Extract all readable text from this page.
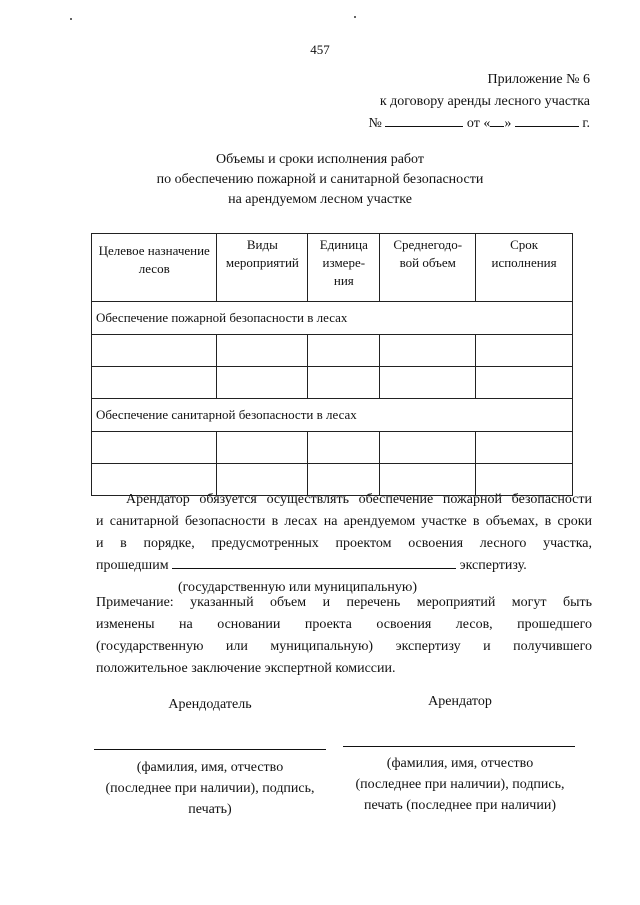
457
Приложение № 6
к договору аренды лесного участка
№	от « »	г.
Объемы и сроки исполнения работ
по обеспечению пожарной и санитарной безопасности
на арендуемом лесном участке
Целевое назначение лесов	Виды мероприятий	Единица измере-ния	Среднегодо-вой объем	Срок исполнения

Обеспечение пожарной безопасности в лесах				

Обеспечение санитарной безопасности в лесах				

Арендатор обязуется осуществлять обеспечение пожарной безопасности
и санитарной безопасности в лесах на арендуемом участке в объемах, в сроки
и в порядке, предусмотренных проектом освоения лесного участка,
прошедшим	экспертизу.
(государственную или муниципальную)
Примечание: указанный объем и перечень мероприятий могут быть
изменены на основании проекта освоения лесов, прошедшего
(государственную или муниципальную) экспертизу и получившего
положительное заключение экспертной комиссии.
Арендодатель	Арендатор
(фамилия, имя, отчество
(последнее при наличии), подпись,
печать)
(фамилия, имя, отчество
(последнее при наличии), подпись,
печать (последнее при наличии)
